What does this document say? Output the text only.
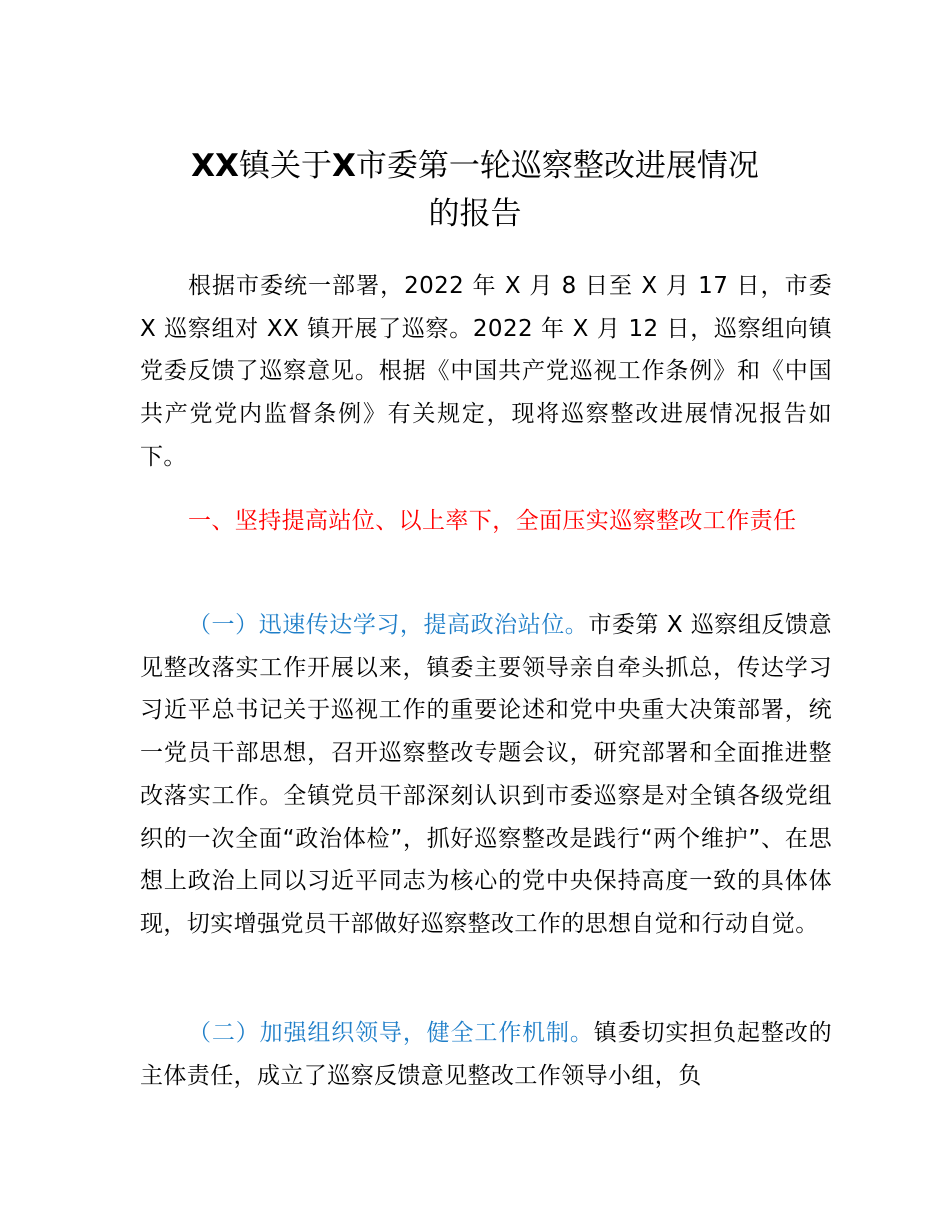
XX镇关于X市委第一轮巡察整改进展情况
的报告

根据市委统一部署，2022 年 X 月 8 日至 X 月 17 日，市委 X 巡察组对 XX 镇开展了巡察。2022 年 X 月 12 日，巡察组向镇党委反馈了巡察意见。根据《中国共产党巡视工作条例》和《中国共产党党内监督条例》有关规定，现将巡察整改进展情况报告如下。

一、坚持提高站位、以上率下，全面压实巡察整改工作责任

（一）迅速传达学习，提高政治站位。市委第 X 巡察组反馈意见整改落实工作开展以来，镇委主要领导亲自牵头抓总，传达学习习近平总书记关于巡视工作的重要论述和党中央重大决策部署，统一党员干部思想，召开巡察整改专题会议，研究部署和全面推进整改落实工作。全镇党员干部深刻认识到市委巡察是对全镇各级党组织的一次全面“政治体检”，抓好巡察整改是践行“两个维护”、在思想上政治上同以习近平同志为核心的党中央保持高度一致的具体体现，切实增强党员干部做好巡察整改工作的思想自觉和行动自觉。

（二）加强组织领导，健全工作机制。镇委切实担负起整改的主体责任，成立了巡察反馈意见整改工作领导小组，负
